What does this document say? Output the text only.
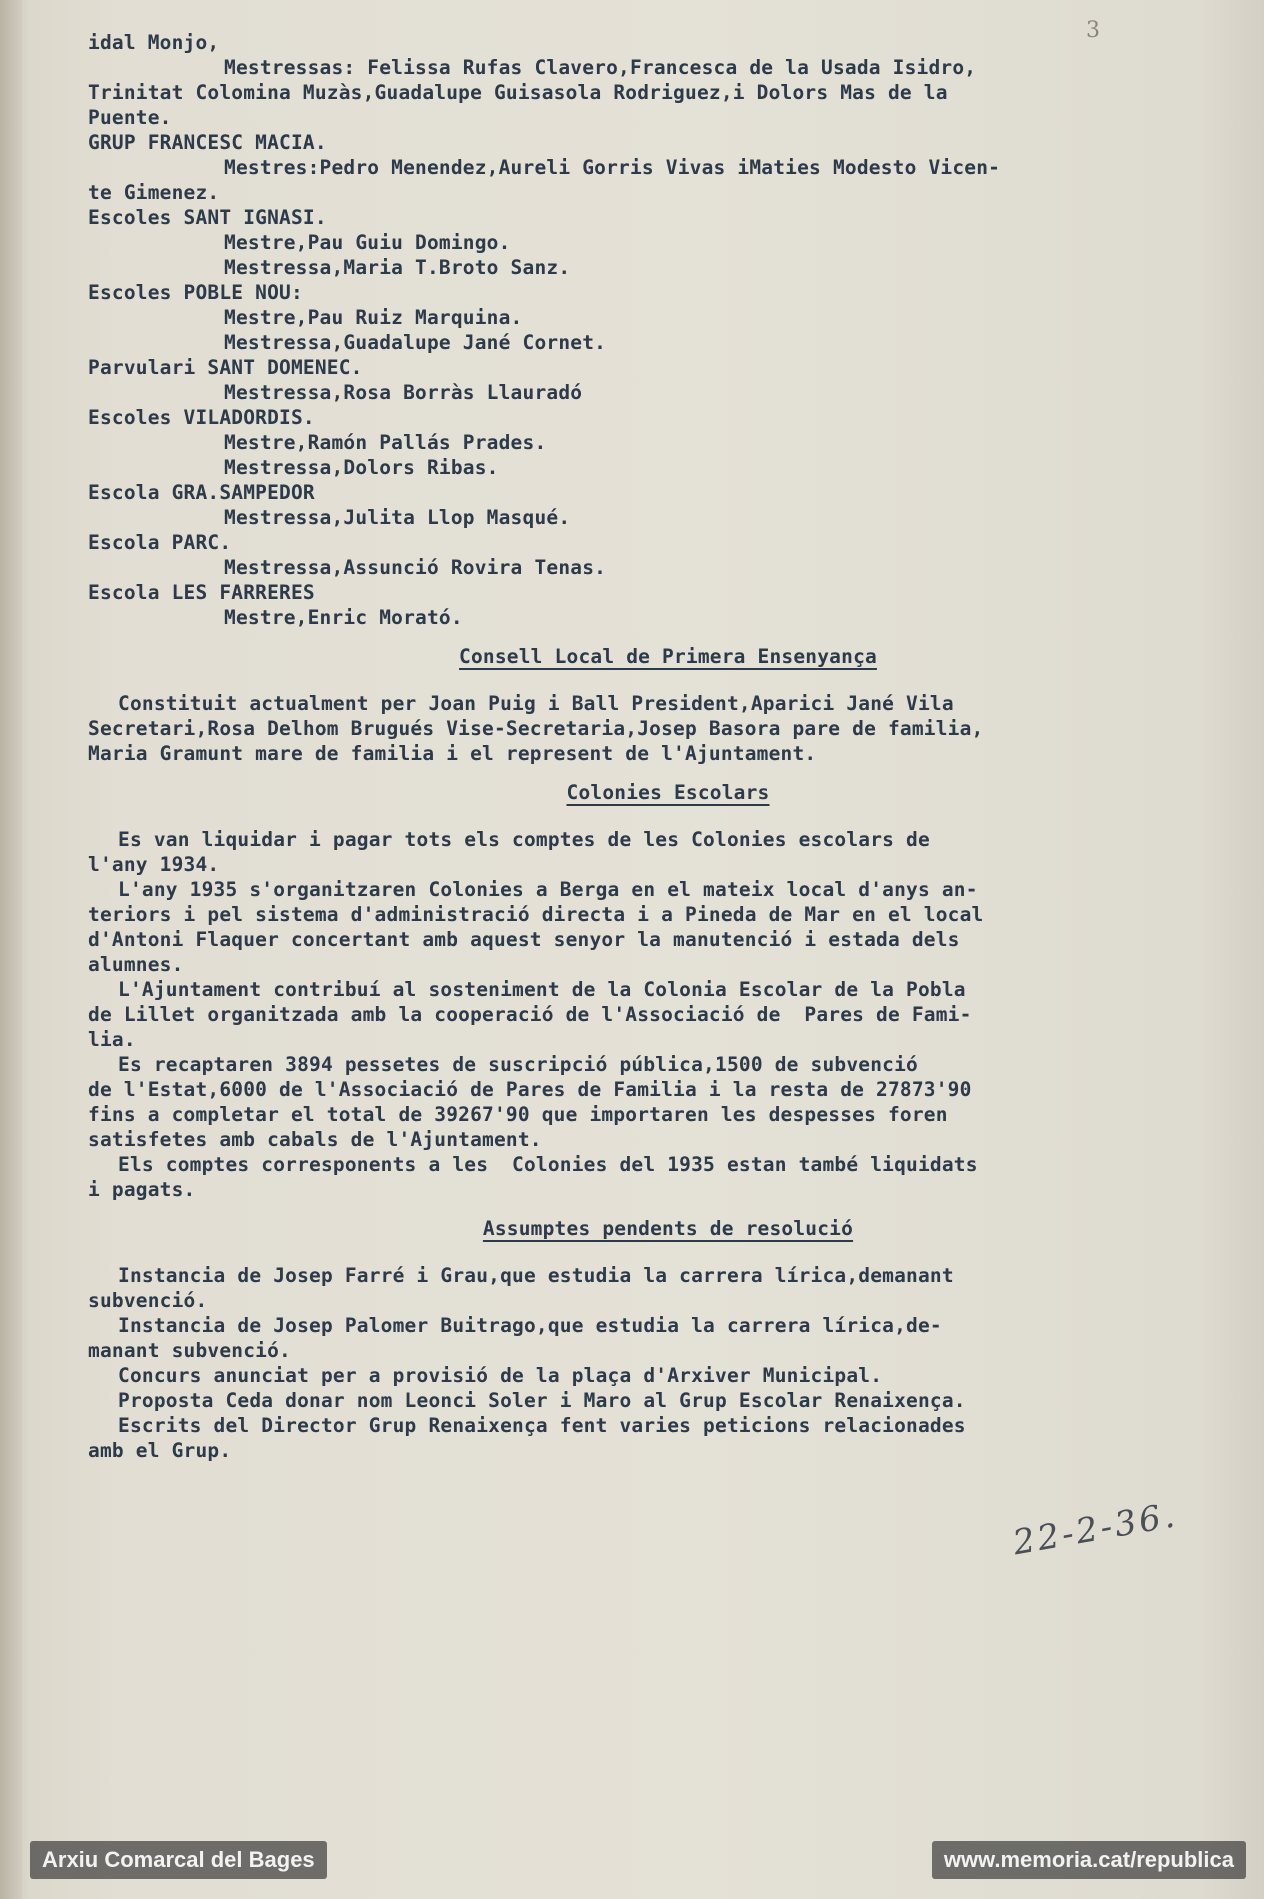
3
idal Monjo,
Mestressas: Felissa Rufas Clavero,Francesca de la Usada Isidro,
Trinitat Colomina Muzàs,Guadalupe Guisasola Rodriguez,i Dolors Mas de la
Puente.
GRUP FRANCESC MACIA.
Mestres:Pedro Menendez,Aureli Gorris Vivas iMaties Modesto Vicen-
te Gimenez.
Escoles SANT IGNASI.
Mestre,Pau Guiu Domingo.
Mestressa,Maria T.Broto Sanz.
Escoles POBLE NOU:
Mestre,Pau Ruiz Marquina.
Mestressa,Guadalupe Jané Cornet.
Parvulari SANT DOMENEC.
Mestressa,Rosa Borràs Llauradó
Escoles VILADORDIS.
Mestre,Ramón Pallás Prades.
Mestressa,Dolors Ribas.
Escola GRA.SAMPEDOR
Mestressa,Julita Llop Masqué.
Escola PARC.
Mestressa,Assunció Rovira Tenas.
Escola LES FARRERES
Mestre,Enric Morató.
Consell Local de Primera Ensenyança
Constituit actualment per Joan Puig i Ball President,Aparici Jané Vila
Secretari,Rosa Delhom Brugués Vise-Secretaria,Josep Basora pare de familia,
Maria Gramunt mare de familia i el represent de l'Ajuntament.
Colonies Escolars
Es van liquidar i pagar tots els comptes de les Colonies escolars de
l'any 1934.
L'any 1935 s'organitzaren Colonies a Berga en el mateix local d'anys an-
teriors i pel sistema d'administració directa i a Pineda de Mar en el local
d'Antoni Flaquer concertant amb aquest senyor la manutenció i estada dels
alumnes.
L'Ajuntament contribuí al sosteniment de la Colonia Escolar de la Pobla
de Lillet organitzada amb la cooperació de l'Associació de  Pares de Fami-
lia.
Es recaptaren 3894 pessetes de suscripció pública,1500 de subvenció
de l'Estat,6000 de l'Associació de Pares de Familia i la resta de 27873'90
fins a completar el total de 39267'90 que importaren les despesses foren
satisfetes amb cabals de l'Ajuntament.
Els comptes corresponents a les  Colonies del 1935 estan també liquidats
i pagats.
Assumptes pendents de resolució
Instancia de Josep Farré i Grau,que estudia la carrera lírica,demanant
subvenció.
Instancia de Josep Palomer Buitrago,que estudia la carrera lírica,de-
manant subvenció.
Concurs anunciat per a provisió de la plaça d'Arxiver Municipal.
Proposta Ceda donar nom Leonci Soler i Maro al Grup Escolar Renaixença.
Escrits del Director Grup Renaixença fent varies peticions relacionades
amb el Grup.
22-2-36.
Arxiu Comarcal del Bages	www.memoria.cat/republica
